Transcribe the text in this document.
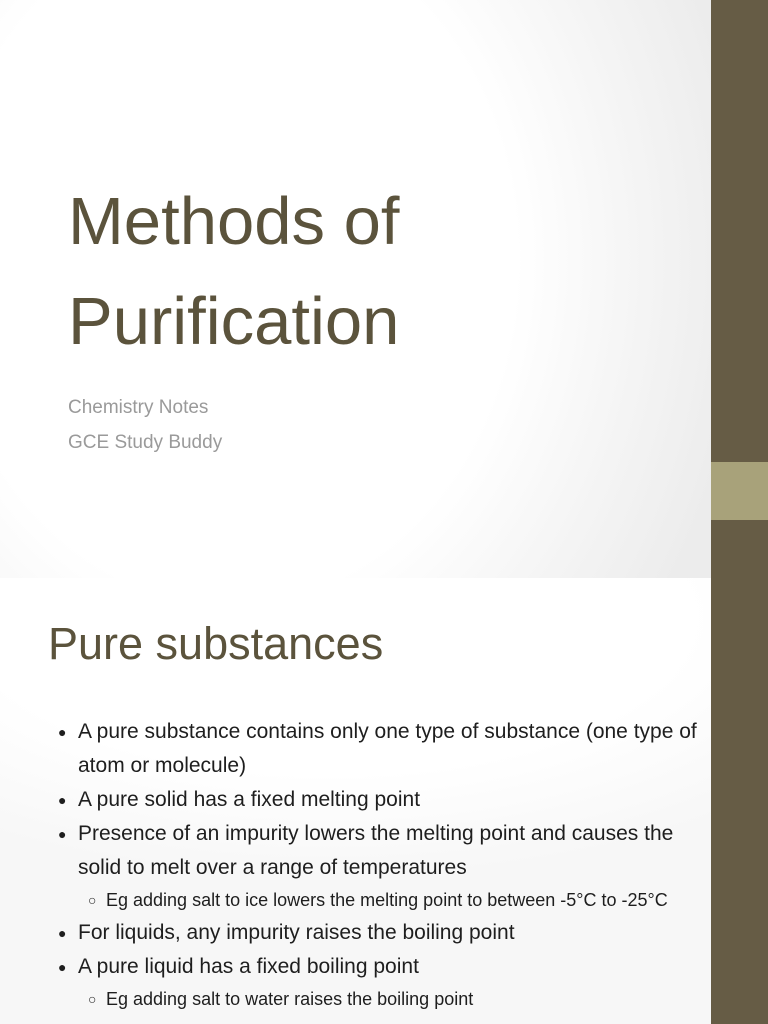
Methods of
Purification

Chemistry Notes
GCE Study Buddy

Pure substances
● A pure substance contains only one type of substance (one type of atom or molecule)
● A pure solid has a fixed melting point
● Presence of an impurity lowers the melting point and causes the solid to melt over a range of temperatures
○ Eg adding salt to ice lowers the melting point to between -5°C to -25°C
● For liquids, any impurity raises the boiling point
● A pure liquid has a fixed boiling point
○ Eg adding salt to water raises the boiling point
